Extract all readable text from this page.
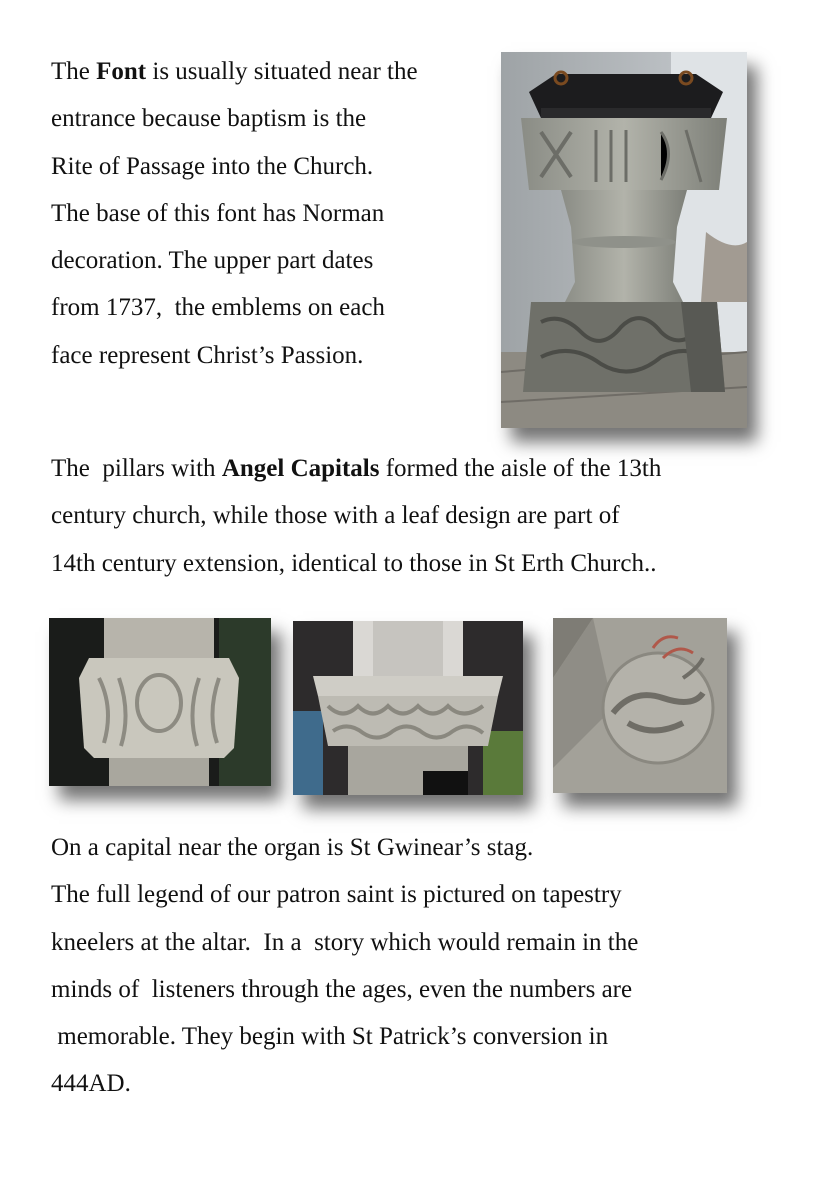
The Font is usually situated near the
entrance because baptism is the
Rite of Passage into the Church.
The base of this font has Norman
decoration. The upper part dates
from 1737,  the emblems on each
face represent Christ’s Passion.
The  pillars with Angel Capitals formed the aisle of the 13th
century church, while those with a leaf design are part of
14th century extension, identical to those in St Erth Church..
On a capital near the organ is St Gwinear’s stag.
The full legend of our patron saint is pictured on tapestry
kneelers at the altar.  In a  story which would remain in the
minds of  listeners through the ages, even the numbers are
memorable. They begin with St Patrick’s conversion in
444AD.
